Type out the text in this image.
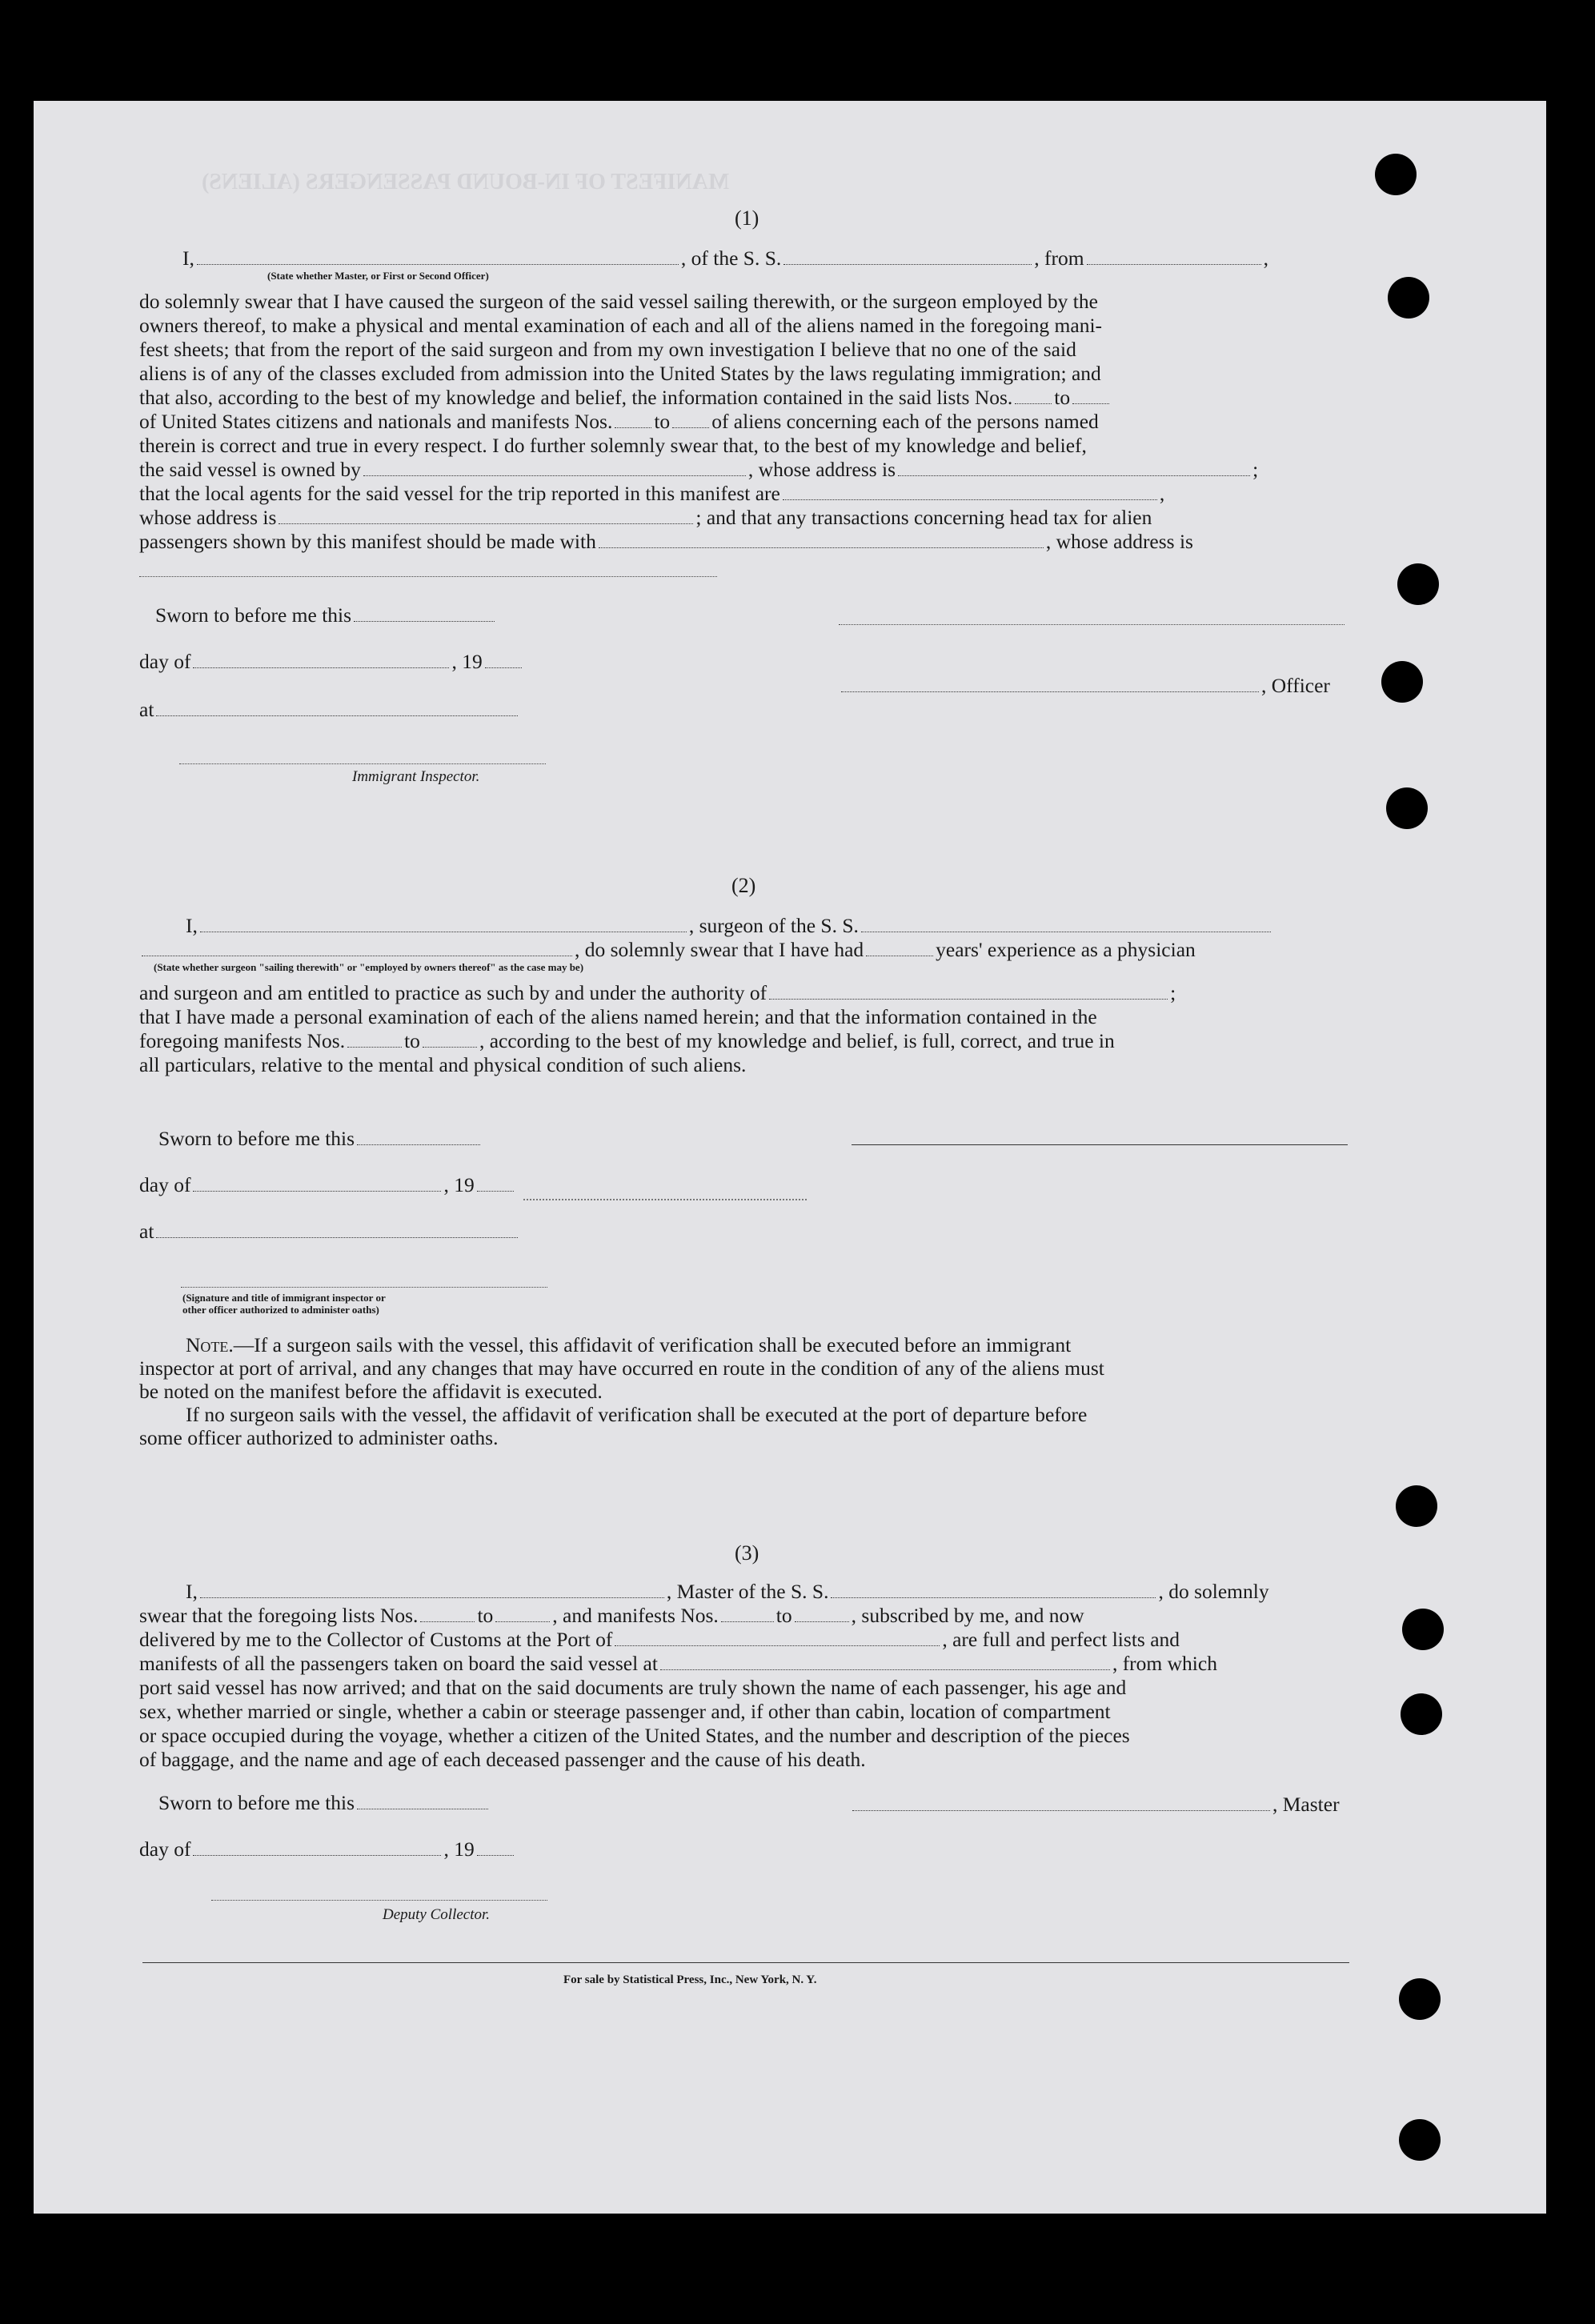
MANIFEST OF IN-BOUND PASSENGERS (ALIENS)
(1)
I,	, of the S. S.	, from	,
(State whether Master, or First or Second Officer)
do solemnly swear that I have caused the surgeon of the said vessel sailing therewith, or the surgeon employed by the
owners thereof, to make a physical and mental examination of each and all of the aliens named in the foregoing mani-
fest sheets; that from the report of the said surgeon and from my own investigation I believe that no one of the said
aliens is of any of the classes excluded from admission into the United States by the laws regulating immigration; and
that also, according to the best of my knowledge and belief, the information contained in the said lists Nos. to
of United States citizens and nationals and manifests Nos. to of aliens concerning each of the persons named
therein is correct and true in every respect. I do further solemnly swear that, to the best of my knowledge and belief,
the said vessel is owned by	, whose address is	;
that the local agents for the said vessel for the trip reported in this manifest are	,
whose address is	; and that any transactions concerning head tax for alien
passengers shown by this manifest should be made with	, whose address is
Sworn to before me this
day of	, 19
, Officer
at
Immigrant Inspector.
(2)
I,	, surgeon of the S. S.
, do solemnly swear that I have had	years' experience as a physician
(State whether surgeon "sailing therewith" or "employed by owners thereof" as the case may be)
and surgeon and am entitled to practice as such by and under the authority of	;
that I have made a personal examination of each of the aliens named herein; and that the information contained in the
foregoing manifests Nos.	to	, according to the best of my knowledge and belief, is full, correct, and true in
all particulars, relative to the mental and physical condition of such aliens.
Sworn to before me this
day of	, 19
at
(Signature and title of immigrant inspector or
other officer authorized to administer oaths)
Note.—If a surgeon sails with the vessel, this affidavit of verification shall be executed before an immigrant
inspector at port of arrival, and any changes that may have occurred en route in the condition of any of the aliens must
be noted on the manifest before the affidavit is executed.
If no surgeon sails with the vessel, the affidavit of verification shall be executed at the port of departure before
some officer authorized to administer oaths.
(3)
I,	, Master of the S. S.	, do solemnly
swear that the foregoing lists Nos.	to	, and manifests Nos.	to	, subscribed by me, and now
delivered by me to the Collector of Customs at the Port of	, are full and perfect lists and
manifests of all the passengers taken on board the said vessel at	, from which
port said vessel has now arrived; and that on the said documents are truly shown the name of each passenger, his age and
sex, whether married or single, whether a cabin or steerage passenger and, if other than cabin, location of compartment
or space occupied during the voyage, whether a citizen of the United States, and the number and description of the pieces
of baggage, and the name and age of each deceased passenger and the cause of his death.
Sworn to before me this	, Master
day of	, 19
Deputy Collector.
For sale by Statistical Press, Inc., New York, N. Y.
